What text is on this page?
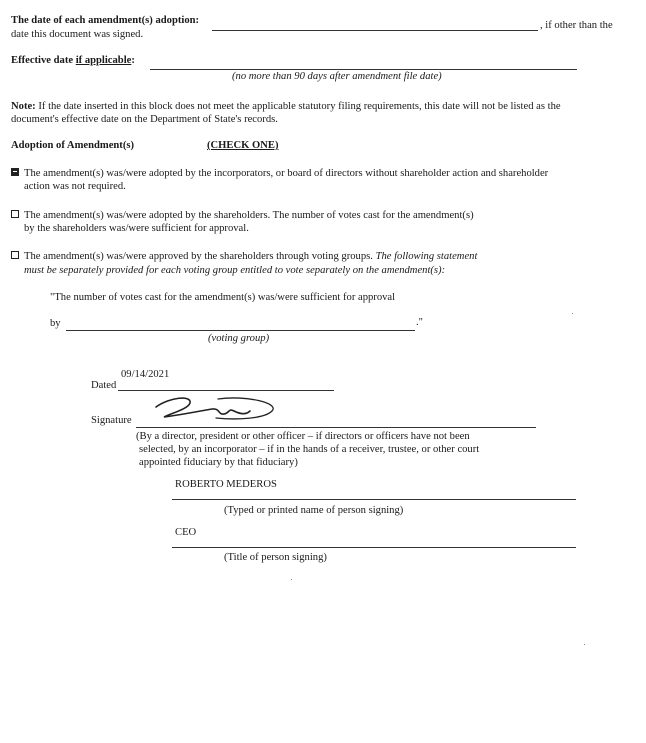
The date of each amendment(s) adoption:	, if other than the
date this document was signed.
Effective date if applicable:
(no more than 90 days after amendment file date)
Note: If the date inserted in this block does not meet the applicable statutory filing requirements, this date will not be listed as the
document's effective date on the Department of State's records.
Adoption of Amendment(s)	(CHECK ONE)
The amendment(s) was/were adopted by the incorporators, or board of directors without shareholder action and shareholder
action was not required.
The amendment(s) was/were adopted by the shareholders. The number of votes cast for the amendment(s)
by the shareholders was/were sufficient for approval.
The amendment(s) was/were approved by the shareholders through voting groups. The following statement
must be separately provided for each voting group entitled to vote separately on the amendment(s):
"The number of votes cast for the amendment(s) was/were sufficient for approval
by	."
(voting group)
09/14/2021
Dated
Signature
(By a director, president or other officer – if directors or officers have not been
selected, by an incorporator – if in the hands of a receiver, trustee, or other court
appointed fiduciary by that fiduciary)
ROBERTO MEDEROS
(Typed or printed name of person signing)
CEO
(Title of person signing)
